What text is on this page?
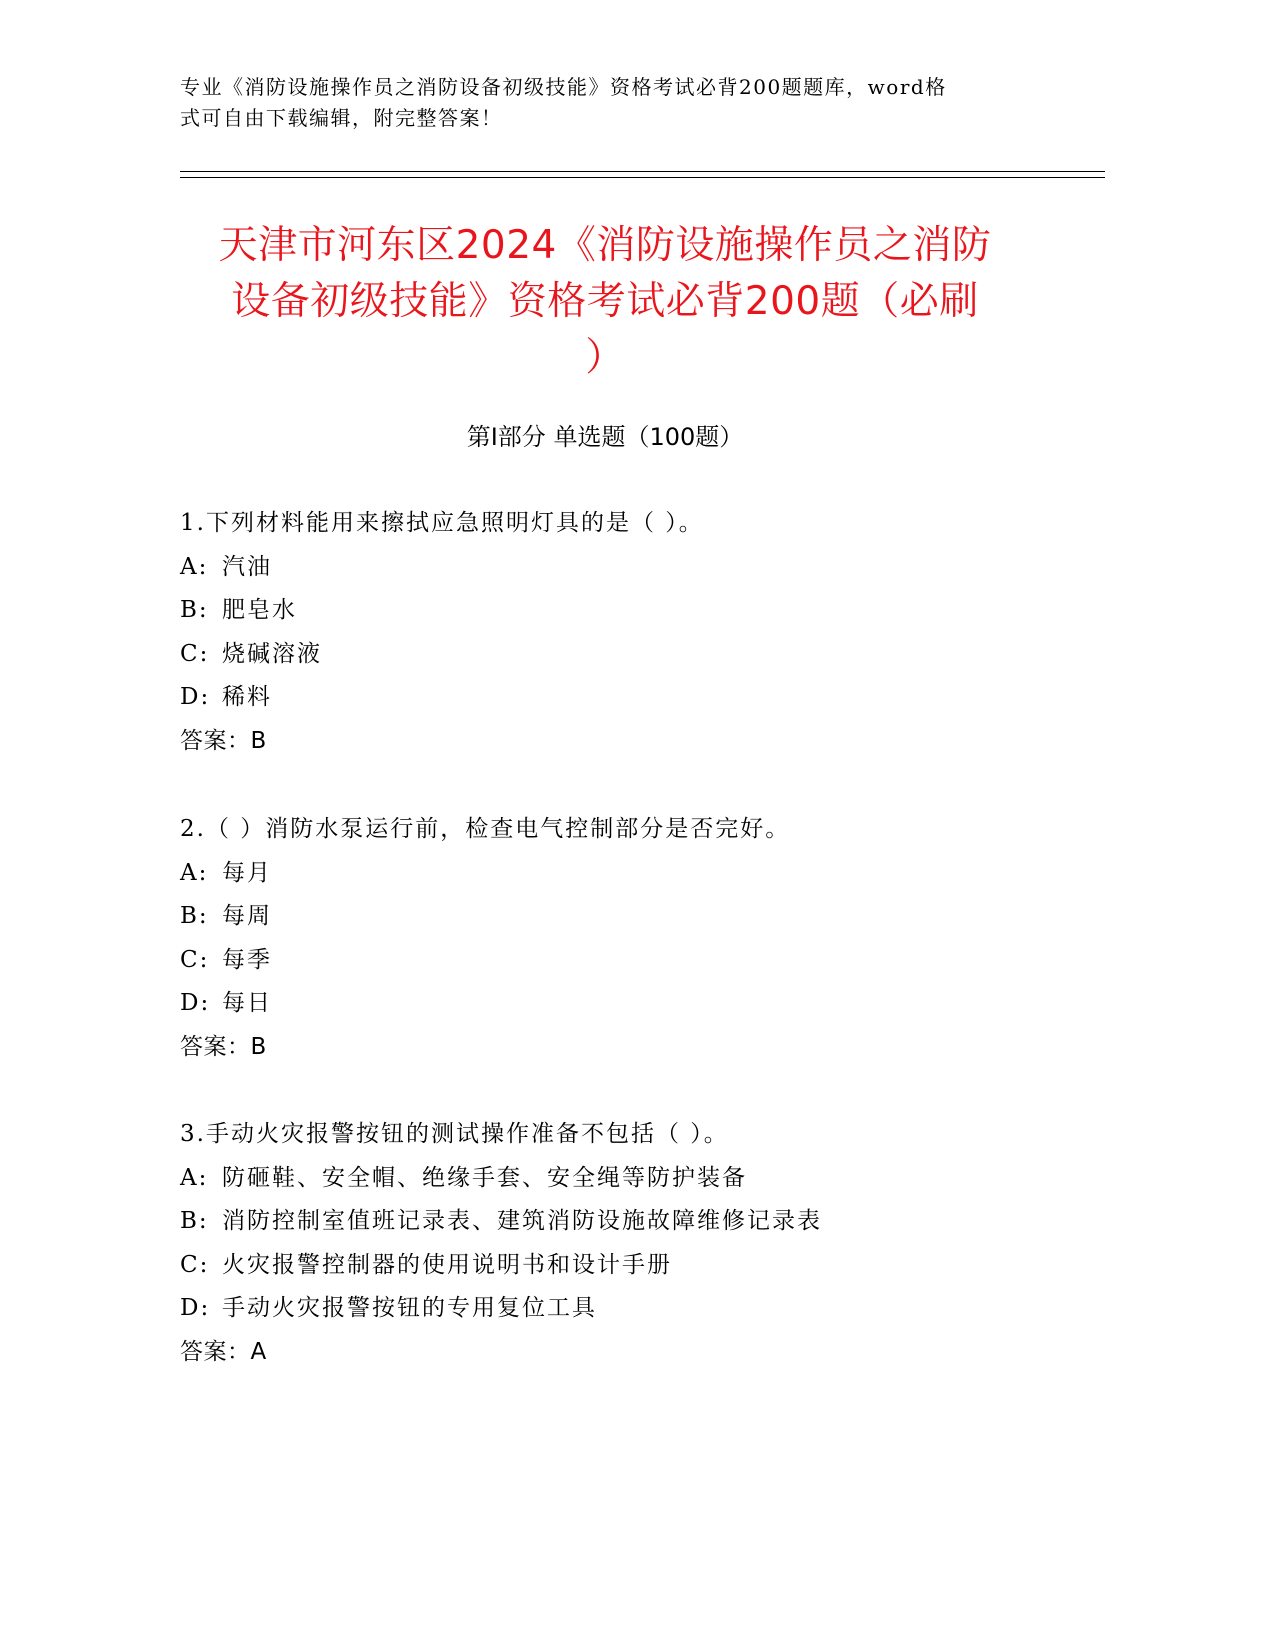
专业《消防设施操作员之消防设备初级技能》资格考试必背200题题库，word格
式可自由下载编辑，附完整答案！
天津市河东区2024《消防设施操作员之消防
设备初级技能》资格考试必背200题（必刷
）
第Ⅰ部分 单选题（100题）
1.下列材料能用来擦拭应急照明灯具的是（ ）。
A: 汽油
B: 肥皂水
C: 烧碱溶液
D: 稀料
答案：B
2.（ ）消防水泵运行前，检查电气控制部分是否完好。
A: 每月
B: 每周
C: 每季
D: 每日
答案：B
3.手动火灾报警按钮的测试操作准备不包括（ ）。
A: 防砸鞋、安全帽、绝缘手套、安全绳等防护装备
B: 消防控制室值班记录表、建筑消防设施故障维修记录表
C: 火灾报警控制器的使用说明书和设计手册
D: 手动火灾报警按钮的专用复位工具
答案：A
